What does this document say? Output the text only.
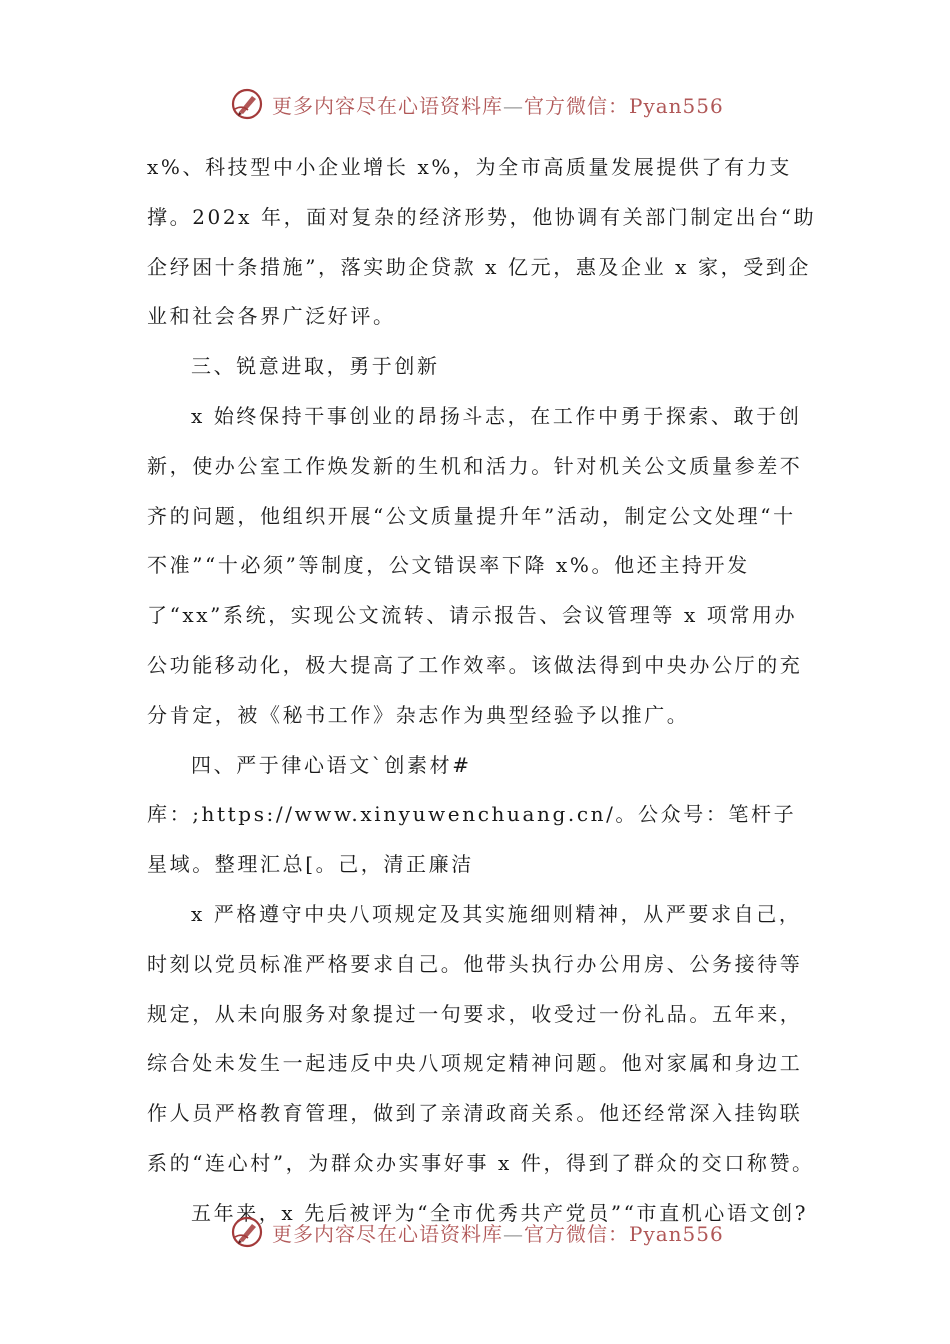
更多内容尽在心语资料库—官方微信：Pyan556

x%、科技型中小企业增长 x%，为全市高质量发展提供了有力支撑。202x 年，面对复杂的经济形势，他协调有关部门制定出台“助企纾困十条措施”，落实助企贷款 x 亿元，惠及企业 x 家，受到企业和社会各界广泛好评。

三、锐意进取，勇于创新

x 始终保持干事创业的昂扬斗志，在工作中勇于探索、敢于创新，使办公室工作焕发新的生机和活力。针对机关公文质量参差不齐的问题，他组织开展“公文质量提升年”活动，制定公文处理“十不准”“十必须”等制度，公文错误率下降 x%。他还主持开发了“xx”系统，实现公文流转、请示报告、会议管理等 x 项常用办公功能移动化，极大提高了工作效率。该做法得到中央办公厅的充分肯定，被《秘书工作》杂志作为典型经验予以推广。

四、严于律心语文`创素材#库：;https://www.xinyuwenchuang.cn/。公众号：笔杆子星域。整理汇总[。己，清正廉洁

x 严格遵守中央八项规定及其实施细则精神，从严要求自己，时刻以党员标准严格要求自己。他带头执行办公用房、公务接待等规定，从未向服务对象提过一句要求，收受过一份礼品。五年来，综合处未发生一起违反中央八项规定精神问题。他对家属和身边工作人员严格教育管理，做到了亲清政商关系。他还经常深入挂钩联系的“连心村”，为群众办实事好事 x 件，得到了群众的交口称赞。

五年来，x 先后被评为“全市优秀共产党员”“市直机心语文创?

更多内容尽在心语资料库—官方微信：Pyan556
